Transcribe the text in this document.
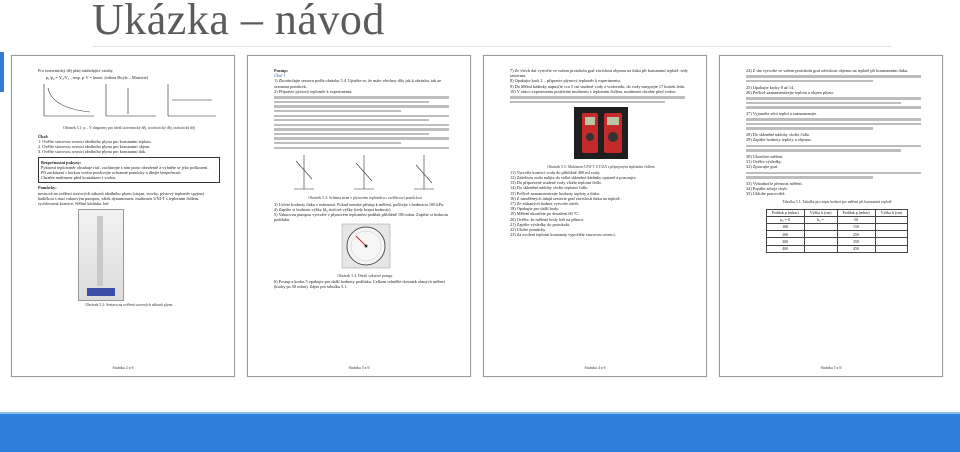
Ukázka – návod
Pro izotermický děj platí následující vztahy
p₁/p₂ = V₂/V₁ , resp. p·V = konst. (zákon Boyle – Mariotte)
Obrázek 5.1: p – V diagramy pro ideál izotermický děj, izochorický děj, izobarický děj
Úkol:
1. Ověřte stavovou rovnici ideálního plynu pro konstantní teplotu.
2. Ověřte stavovou rovnici ideálního plynu pro konstantní objem.
3. Ověřte stavovou rovnici ideálního plynu pro konstantní tlak.
Bezpečnostní pokyny:
Pyknová teplotoměr obsahuje rtuť, zacházejte s ním proto obezřetně a vyhněte se jeho poškození.
Při zacházení s horkou vodou používejte ochranné pomůcky a dbejte bezpečnosti.
Chraňte multimetr před kontaktem s vodou.
Pomůcky:
nestrová na ověření stavových zákonů ideálního plynu (stojan, svorky, pýstový teploměr spojený hadičkou s rtutí vakuovým pumpou, válek dynamometr, multimetr UNI-T s teplotním čidlem, rychlovarná konvice, 600ml kádinka, led
Obrázek 5.2: Sestava na ověření stavových zákonů plynu
Stránka 2 z 6
Postup:
Úkol 1
1) Zkontrolujte sestavu podle obrázku 5.4. Ujistěte se, že máte všechny díly jak k obrázku, tak ze seznamu pomůcek.
2) Připravte pýstový teploměr k experimentu:
Obrázek 5.3: Schéma stran v plynovém teploměru s rozlišovací pomůckou
3) Určete hodnoty tlaku v místnosti. Pokud nemáte přístup k měření, počítejte s hodnotou 100 kPa.
4) Zapište si hodnotu výšky hl₀ rtuťové výšky (tedy krajní hodnoty).
5) Vakuovou pumpou vytvořte v plynovém teploměru podtlak přibližně 100 mbar. Zapište si hodnotu podtlaku.
Obrázek 5.4: Detail vakuové pumpy
6) Postup z kroku 5 opakujte pro další hodnoty podtlaku. Celkem odměřte dostatek různých měření (kroky po 50 mbar). Zápis pro tabulku 5.1.
Stránka 3 z 6
7) Ze všech dat vytvořte ve vašem protokolu graf závislosti objemu na tlaku při konstantní teplotě, tedy izotermu.
8) Opakujte krok 2 – připravte plynový teploměr k experimentu.
9) Do 600ml kádinky napusťte cca 5 cm studené vody z vodovodu, do vody nasypejte 17 kostek ledu.
10) V rámci experimentu používáte multimetr s teplotním čidlem, multimetr chraňte před vodou.
Obrázek 5.5: Multimetr UNI-T UT33A s připojeným teplotním čidlem
11) Vytvořte konvicí vodu do přibližně 400 ml vody.
12) Zaležitou vodu nalijte do velké skleněné kádinky opatrně a pozorujte.
13) Do připravené studené vody vložte teplotní čidlo.
14) Do skleněné nádoby vložte teplotní čidlo.
15) Pečlivě zaznamenávejte hodnoty teploty a tlaku.
16) Z naměřených údajů sestavte graf závislosti tlaku na teplotě.
17) Ze získaných hodnot vytvořte závěr.
18) Opakujte pro další body.
19) Měření ukončete po dosažení 60 °C.
20) Ověřte, že měřené body leží na přímce.
21) Zapište výsledky do protokolu.
22) Uložte pomůcky.
23) Za zvolení teplotní konstanty vypočtěte stavovou rovnici.
Stránka 4 z 6
24) Z dat vytvořte ve vašem protokolu graf závislosti objemu na teplotě při konstantním tlaku.
25) Opakujte kroky 8 až 14.
26) Pečlivě zaznamenávejte teplotu a objem plynu.
27) Vyjasněte sérii teplot a zaznamenejte.
28) Do skleněné nádoby vložte čidlo.
29) Zapište hodnoty teploty a objemu.
30) Ukončete měření.
31) Ověřte výsledky.
32) Zpracujte graf.
33) Vyhodnoťte přesnost měření.
34) Popište zdroje chyb.
35) Uklidte pracoviště.
Tabulka 5.1: Tabulka pro zápis hodnot pro měření při konstantní teplotě
Podtlak p (mbar)	Výška h (cm)	Podtlak p (mbar)	Výška h (cm)
p₀ = 0	h₀ =	50	
100		150	
200		250	
300		350	
400		450	
Stránka 5 z 6
